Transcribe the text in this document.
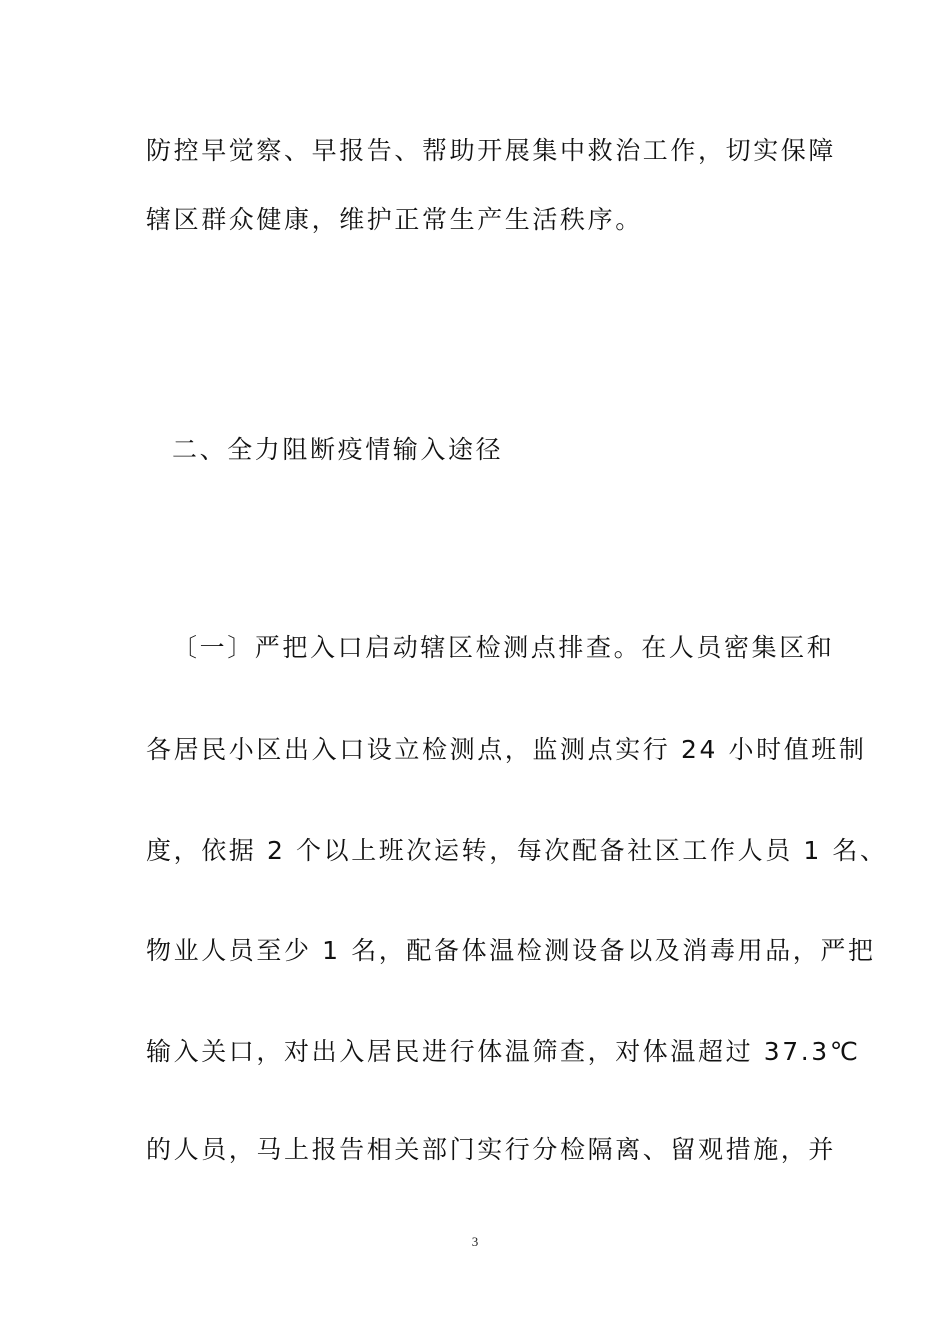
防控早觉察、早报告、帮助开展集中救治工作，切实保障
辖区群众健康，维护正常生产生活秩序。
二、全力阻断疫情输入途径
〔一〕严把入口启动辖区检测点排查。在人员密集区和
各居民小区出入口设立检测点，监测点实行 24 小时值班制
度，依据 2 个以上班次运转，每次配备社区工作人员 1 名、
物业人员至少 1 名，配备体温检测设备以及消毒用品，严把
输入关口，对出入居民进行体温筛查，对体温超过 37.3℃
的人员，马上报告相关部门实行分检隔离、留观措施，并
3
